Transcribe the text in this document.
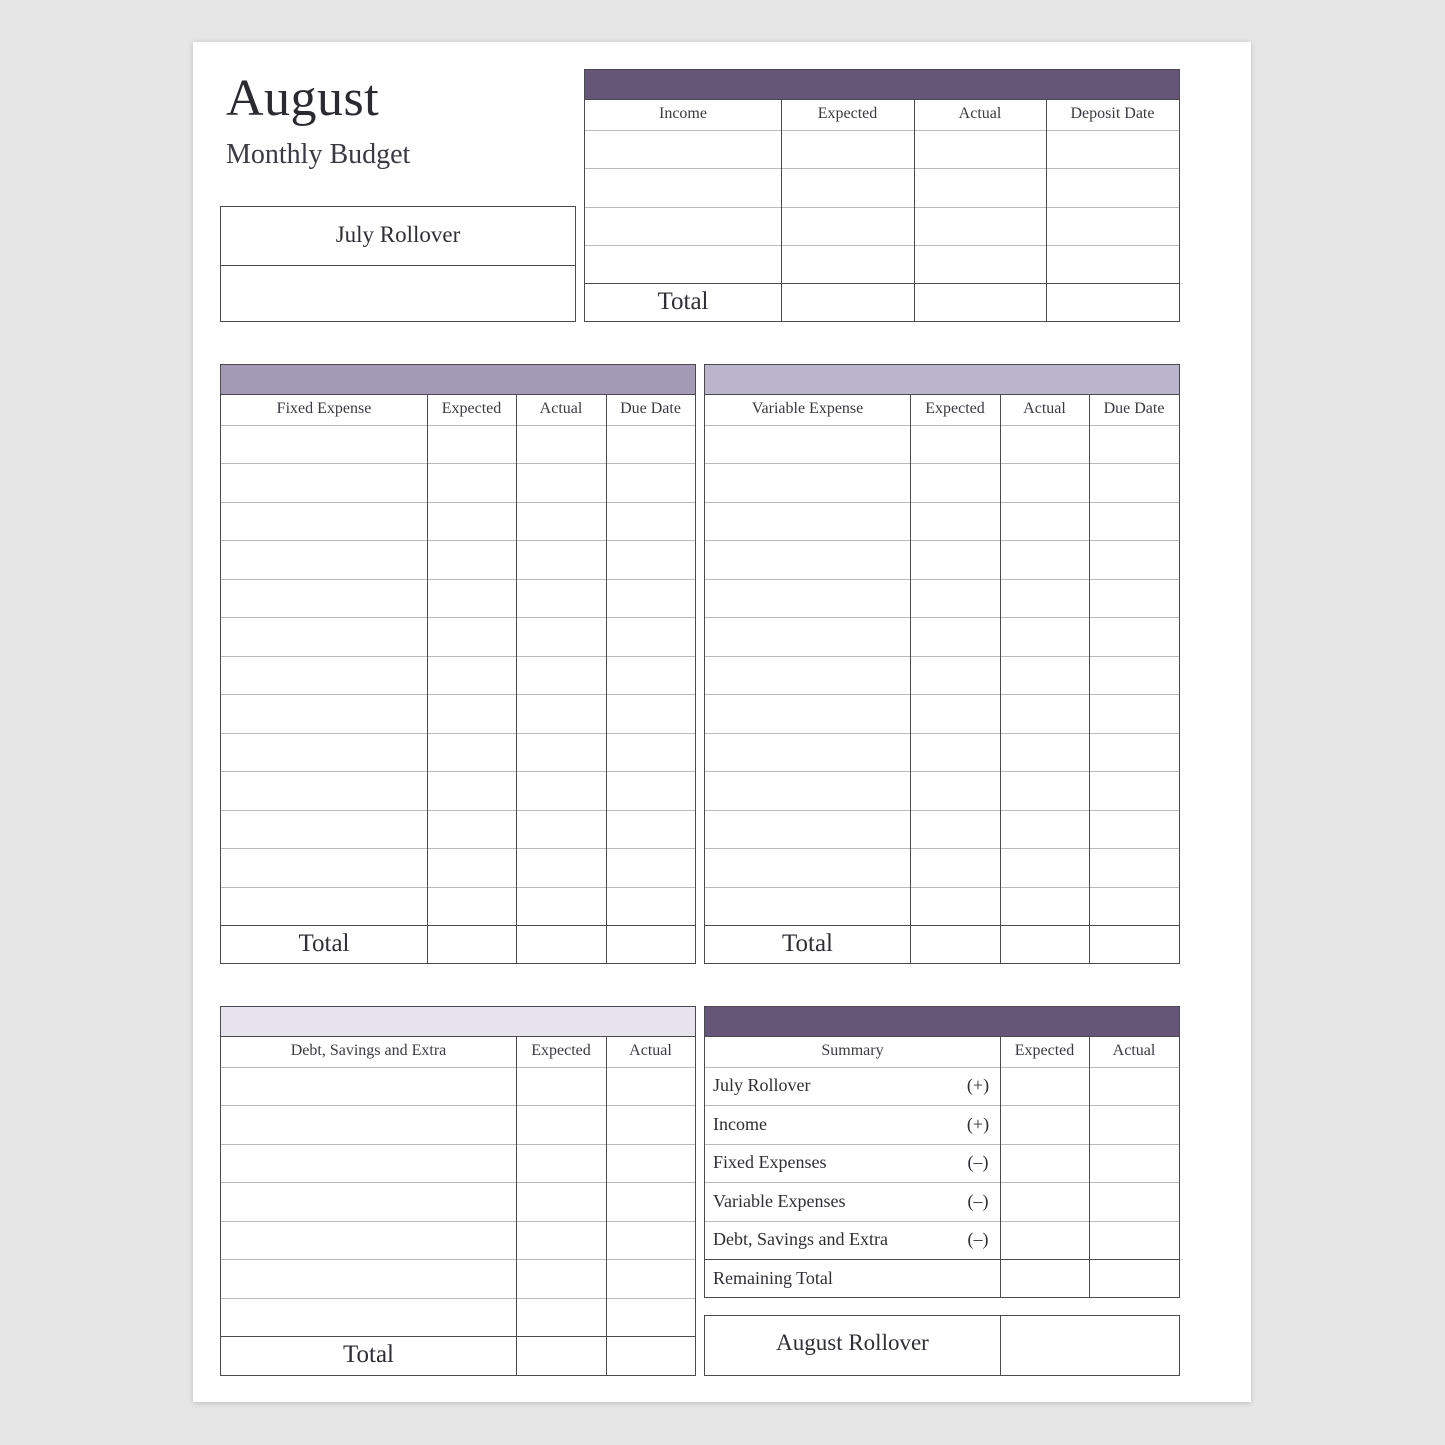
August
Monthly Budget
July Rollover
Income	Expected	Actual	Deposit Date
Total
Fixed Expense	Expected	Actual	Due Date
Total
Variable Expense	Expected	Actual	Due Date
Total
Debt, Savings and Extra	Expected	Actual
Total
Summary	Expected	Actual
July Rollover	(+)
Income	(+)
Fixed Expenses	(–)
Variable Expenses	(–)
Debt, Savings and Extra	(–)
Remaining Total
August Rollover
